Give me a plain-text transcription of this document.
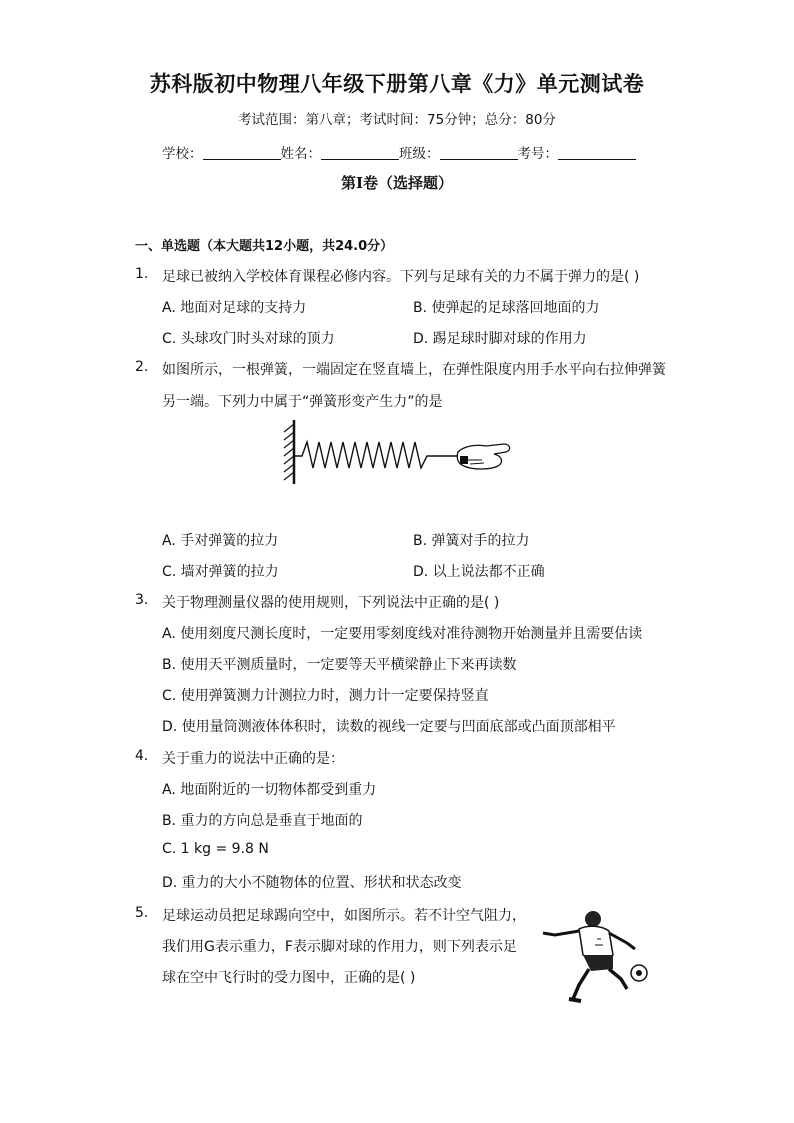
苏科版初中物理八年级下册第八章《力》单元测试卷
考试范围：第八章；考试时间：75分钟；总分：80分
学校：	姓名：	班级：	考号：
第I卷（选择题）
一、单选题（本大题共12小题，共24.0分）
1. 足球已被纳入学校体育课程必修内容。下列与足球有关的力不属于弹力的是( )
A. 地面对足球的支持力	B. 使弹起的足球落回地面的力
C. 头球攻门时头对球的顶力	D. 踢足球时脚对球的作用力
2. 如图所示，一根弹簧，一端固定在竖直墙上，在弹性限度内用手水平向右拉伸弹簧
另一端。下列力中属于“弹簧形变产生力”的是
A. 手对弹簧的拉力	B. 弹簧对手的拉力
C. 墙对弹簧的拉力	D. 以上说法都不正确
3. 关于物理测量仪器的使用规则，下列说法中正确的是( )
A. 使用刻度尺测长度时，一定要用零刻度线对准待测物开始测量并且需要估读
B. 使用天平测质量时，一定要等天平横梁静止下来再读数
C. 使用弹簧测力计测拉力时，测力计一定要保持竖直
D. 使用量筒测液体体积时，读数的视线一定要与凹面底部或凸面顶部相平
4. 关于重力的说法中正确的是：
A. 地面附近的一切物体都受到重力
B. 重力的方向总是垂直于地面的
C. 1 kg = 9.8 N
D. 重力的大小不随物体的位置、形状和状态改变
5. 足球运动员把足球踢向空中，如图所示。若不计空气阻力，
我们用G表示重力，F表示脚对球的作用力，则下列表示足
球在空中飞行时的受力图中，正确的是( )
